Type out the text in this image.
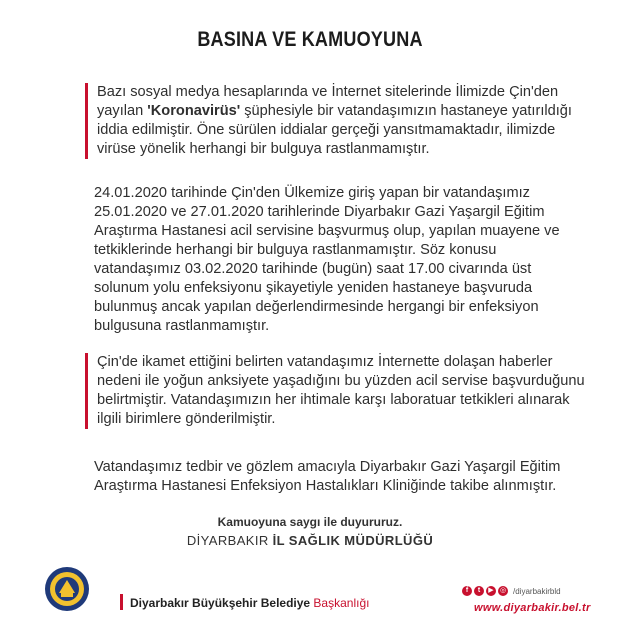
BASINA VE KAMUOYUNA
Bazı sosyal medya hesaplarında ve İnternet sitelerinde İlimizde Çin'den
yayılan 'Koronavirüs' şüphesiyle bir vatandaşımızın hastaneye yatırıldığı
iddia edilmiştir. Öne sürülen iddialar gerçeği yansıtmamaktadır, ilimizde
virüse yönelik herhangi bir bulguya rastlanmamıştır.
24.01.2020 tarihinde Çin'den Ülkemize giriş yapan bir vatandaşımız
25.01.2020 ve 27.01.2020 tarihlerinde Diyarbakır Gazi Yaşargil Eğitim
Araştırma Hastanesi acil servisine başvurmuş olup, yapılan muayene ve
tetkiklerinde herhangi bir bulguya rastlanmamıştır. Söz konusu
vatandaşımız 03.02.2020 tarihinde (bugün) saat 17.00 civarında üst
solunum yolu enfeksiyonu şikayetiyle yeniden hastaneye başvuruda
bulunmuş ancak yapılan değerlendirmesinde hergangi bir enfeksiyon
bulgusuna rastlanmamıştır.
Çin'de ikamet ettiğini belirten vatandaşımız İnternette dolaşan haberler
nedeni ile yoğun anksiyete yaşadığını bu yüzden acil servise başvurduğunu
belirtmiştir. Vatandaşımızın her ihtimale karşı laboratuar tetkikleri alınarak
ilgili birimlere gönderilmiştir.
Vatandaşımız tedbir ve gözlem amacıyla Diyarbakır Gazi Yaşargil Eğitim
Araştırma Hastanesi Enfeksiyon Hastalıkları Kliniğinde takibe alınmıştır.
Kamuoyuna saygı ile duyururuz.
DİYARBAKIR İL SAĞLIK MÜDÜRLÜĞÜ
Diyarbakır Büyükşehir Belediye Başkanlığı
f	t	▶ ◎ /diyarbakirbld
www.diyarbakir.bel.tr
